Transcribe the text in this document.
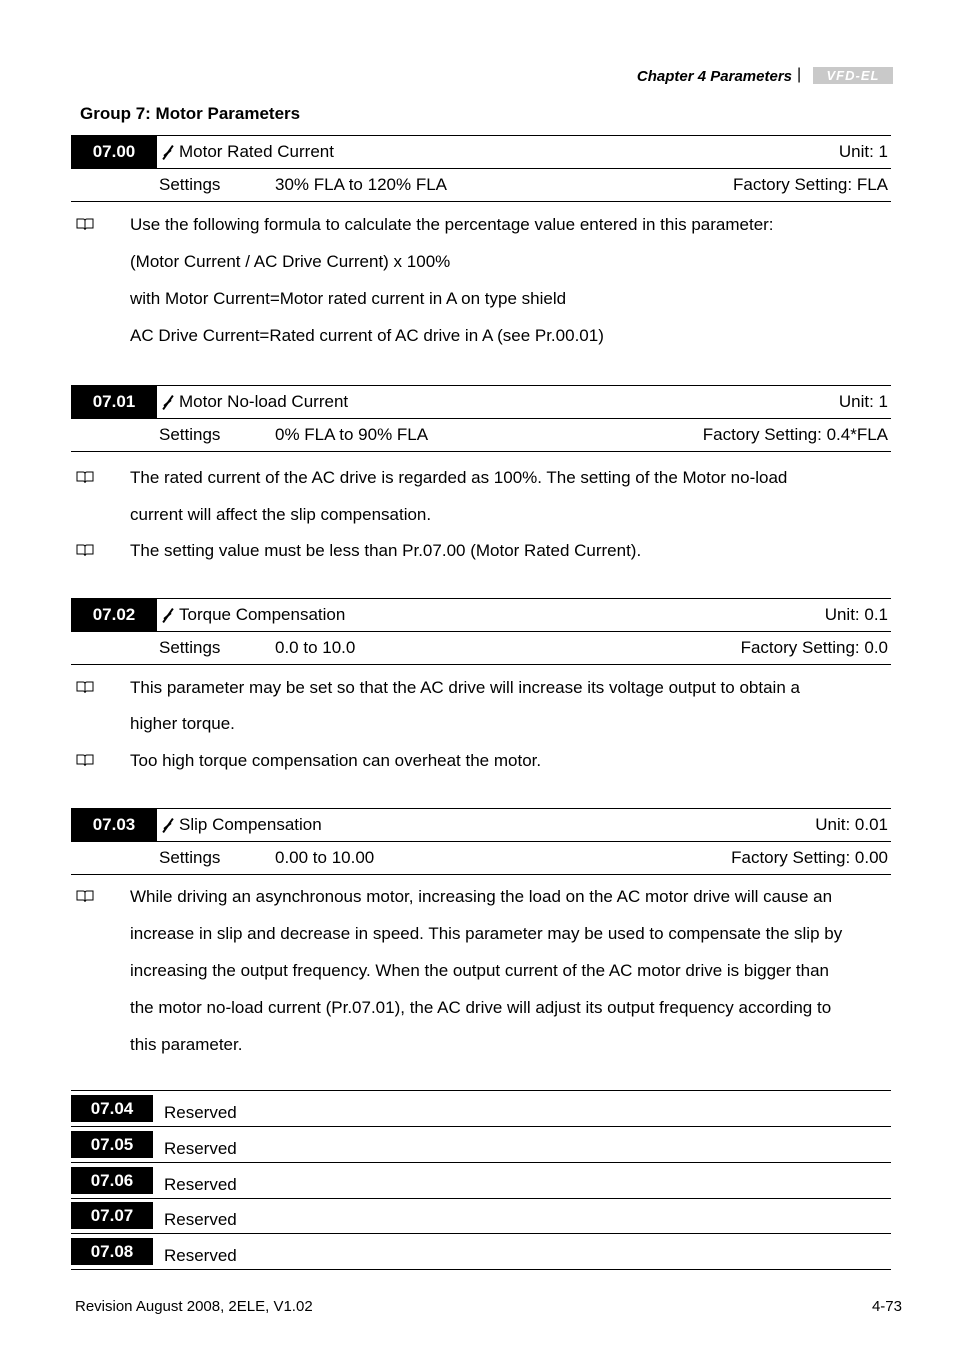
Chapter 4 Parameters |	VFD-EL
Group 7: Motor Parameters
07.00	Motor Rated Current	Unit: 1
Settings	30% FLA to 120% FLA	Factory Setting: FLA
Use the following formula to calculate the percentage value entered in this parameter:
(Motor Current / AC Drive Current) x 100%
with Motor Current=Motor rated current in A on type shield
AC Drive Current=Rated current of AC drive in A (see Pr.00.01)
07.01	Motor No-load Current	Unit: 1
Settings	0% FLA to 90% FLA	Factory Setting: 0.4*FLA
The rated current of the AC drive is regarded as 100%. The setting of the Motor no-load
current will affect the slip compensation.
The setting value must be less than Pr.07.00 (Motor Rated Current).
07.02	Torque Compensation	Unit: 0.1
Settings	0.0 to 10.0	Factory Setting: 0.0
This parameter may be set so that the AC drive will increase its voltage output to obtain a
higher torque.
Too high torque compensation can overheat the motor.
07.03	Slip Compensation	Unit: 0.01
Settings	0.00 to 10.00	Factory Setting: 0.00
While driving an asynchronous motor, increasing the load on the AC motor drive will cause an
increase in slip and decrease in speed. This parameter may be used to compensate the slip by
increasing the output frequency. When the output current of the AC motor drive is bigger than
the motor no-load current (Pr.07.01), the AC drive will adjust its output frequency according to
this parameter.
07.04	Reserved
07.05	Reserved
07.06	Reserved
07.07	Reserved
07.08	Reserved
Revision August 2008, 2ELE, V1.02	4-73
